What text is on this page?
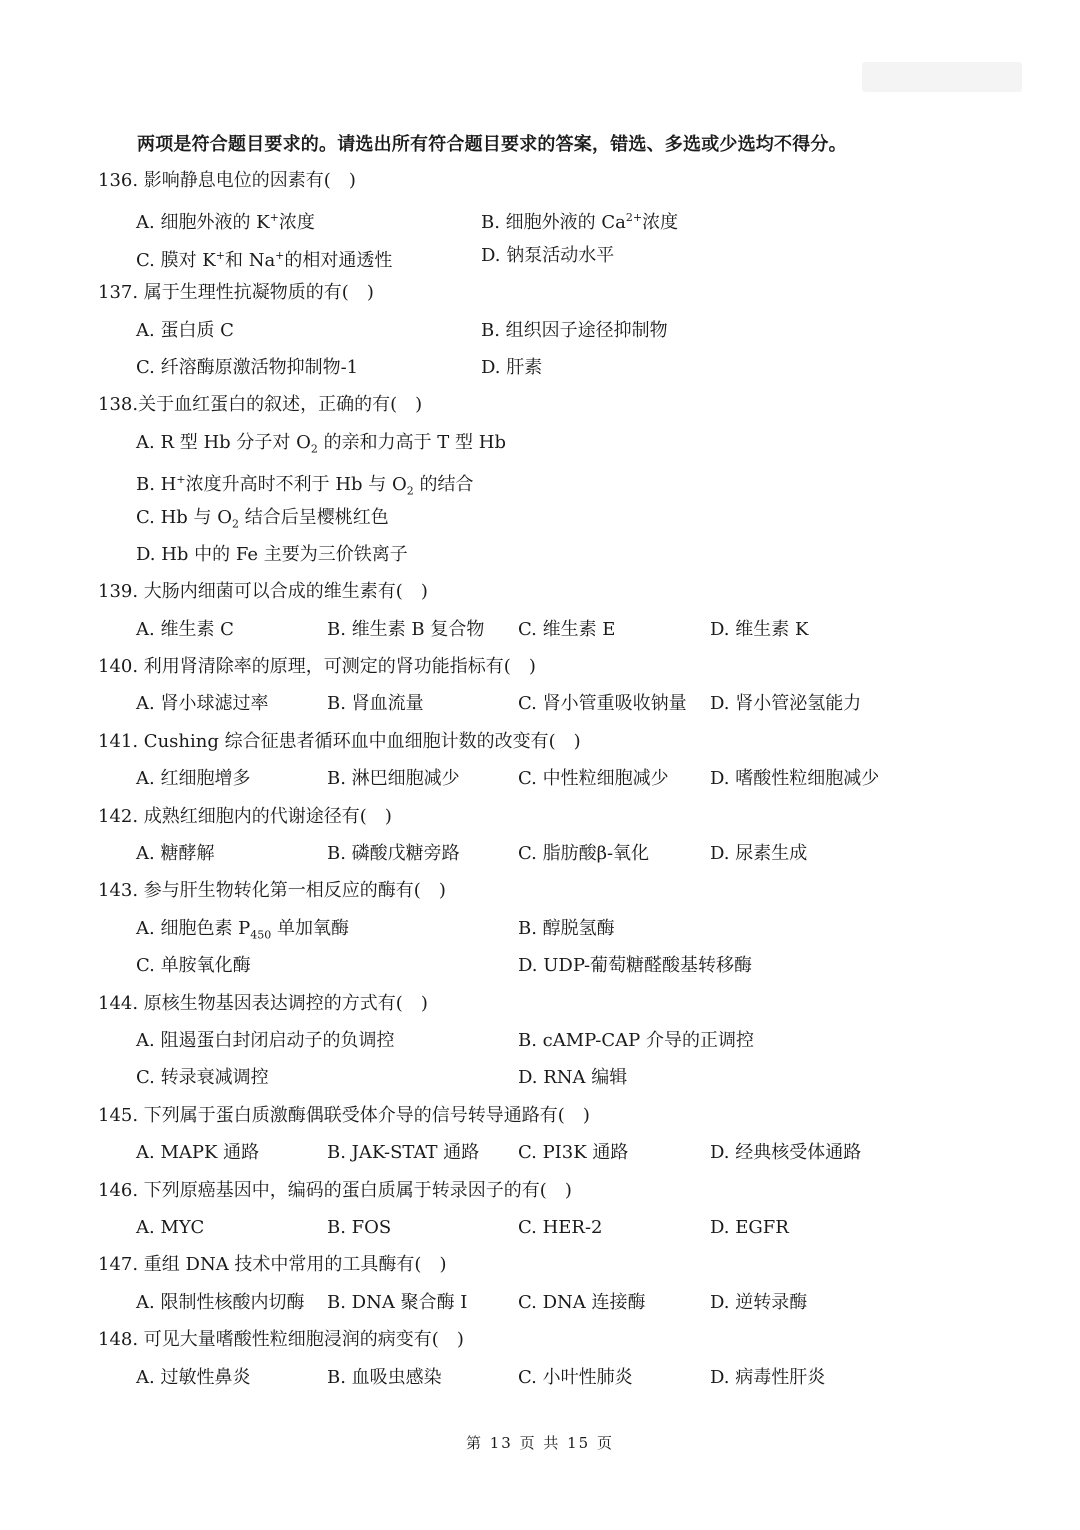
两项是符合题目要求的。请选出所有符合题目要求的答案，错选、多选或少选均不得分。
136. 影响静息电位的因素有(　)
A. 细胞外液的 K+浓度	B. 细胞外液的 $Ca^{2+}$浓度
C. 膜对 K+和 Na+的相对通透性	D. 钠泵活动水平
137. 属于生理性抗凝物质的有(　)
A. 蛋白质 C	B. 组织因子途径抑制物
C. 纤溶酶原激活物抑制物-1	D. 肝素
138.关于血红蛋白的叙述，正确的有(　)
A. R 型 Hb 分子对 $O_2$ 的亲和力高于 T 型 Hb
B. H+浓度升高时不利于 Hb 与 $O_2$ 的结合
C. Hb 与 $O_2$ 结合后呈樱桃红色
D. Hb 中的 Fe 主要为三价铁离子
139. 大肠内细菌可以合成的维生素有(　)
A. 维生素 C	B. 维生素 B 复合物 C. 维生素 E	D. 维生素 K
140. 利用肾清除率的原理，可测定的肾功能指标有(　)
A. 肾小球滤过率	B. 肾血流量	C. 肾小管重吸收钠量 D. 肾小管泌氢能力
141. Cushing 综合征患者循环血中血细胞计数的改变有(　)
A. 红细胞增多	B. 淋巴细胞减少	C. 中性粒细胞减少 D. 嗜酸性粒细胞减少
142. 成熟红细胞内的代谢途径有(　)
A. 糖酵解	B. 磷酸戊糖旁路	C. 脂肪酸β-氧化	D. 尿素生成
143. 参与肝生物转化第一相反应的酶有(　)
A. 细胞色素 $P_{450}$ 单加氧酶	B. 醇脱氢酶
C. 单胺氧化酶	D. UDP-葡萄糖醛酸基转移酶
144. 原核生物基因表达调控的方式有(　)
A. 阻遏蛋白封闭启动子的负调控	B. cAMP-CAP 介导的正调控
C. 转录衰减调控	D. RNA 编辑
145. 下列属于蛋白质激酶偶联受体介导的信号转导通路有(　)
A. MAPK 通路	B. JAK-STAT 通路 C. PI3K 通路	D. 经典核受体通路
146. 下列原癌基因中，编码的蛋白质属于转录因子的有(　)
A. MYC	B. FOS	C. HER-2	D. EGFR
147. 重组 DNA 技术中常用的工具酶有(　)
A. 限制性核酸内切酶 B. DNA 聚合酶 I	C. DNA 连接酶	D. 逆转录酶
148. 可见大量嗜酸性粒细胞浸润的病变有(　)
A. 过敏性鼻炎	B. 血吸虫感染	C. 小叶性肺炎	D. 病毒性肝炎
第 13 页 共 15 页
